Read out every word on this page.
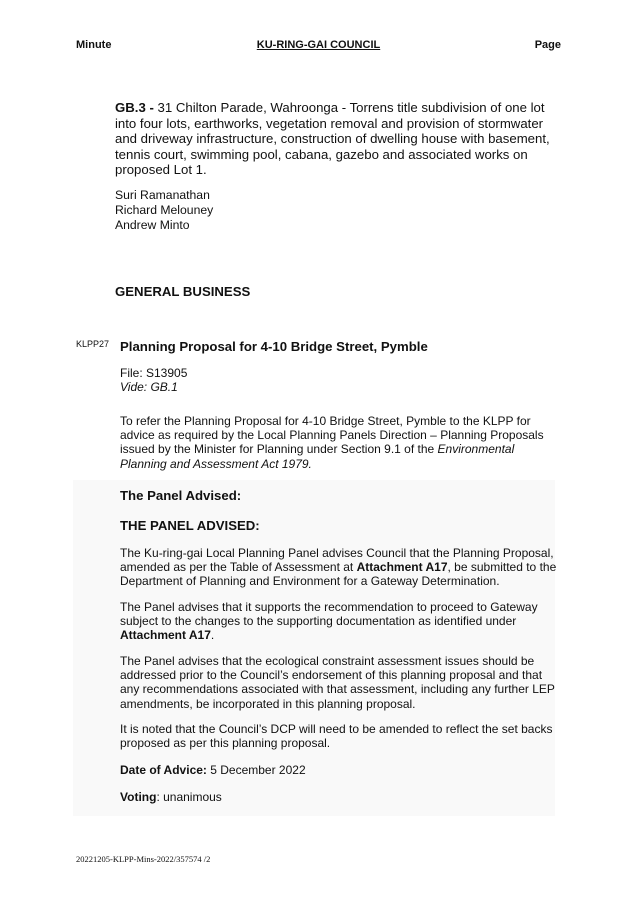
KU-RING-GAI COUNCIL
Minute	Page
GB.3 - 31 Chilton Parade, Wahroonga - Torrens title subdivision of one lot into four lots, earthworks, vegetation removal and provision of stormwater and driveway infrastructure, construction of dwelling house with basement, tennis court, swimming pool, cabana, gazebo and associated works on proposed Lot 1.
Suri Ramanathan
Richard Melouney
Andrew Minto
GENERAL BUSINESS
KLPP27 Planning Proposal for 4-10 Bridge Street, Pymble
File: S13905
Vide: GB.1
To refer the Planning Proposal for 4-10 Bridge Street, Pymble to the KLPP for advice as required by the Local Planning Panels Direction – Planning Proposals issued by the Minister for Planning under Section 9.1 of the Environmental Planning and Assessment Act 1979.
The Panel Advised:
THE PANEL ADVISED:
The Ku-ring-gai Local Planning Panel advises Council that the Planning Proposal, amended as per the Table of Assessment at Attachment A17, be submitted to the Department of Planning and Environment for a Gateway Determination.
The Panel advises that it supports the recommendation to proceed to Gateway subject to the changes to the supporting documentation as identified under Attachment A17.
The Panel advises that the ecological constraint assessment issues should be addressed prior to the Council’s endorsement of this planning proposal and that any recommendations associated with that assessment, including any further LEP amendments, be incorporated in this planning proposal.
It is noted that the Council’s DCP will need to be amended to reflect the set backs proposed as per this planning proposal.
Date of Advice: 5 December 2022
Voting: unanimous
20221205-KLPP-Mins-2022/357574 /2
